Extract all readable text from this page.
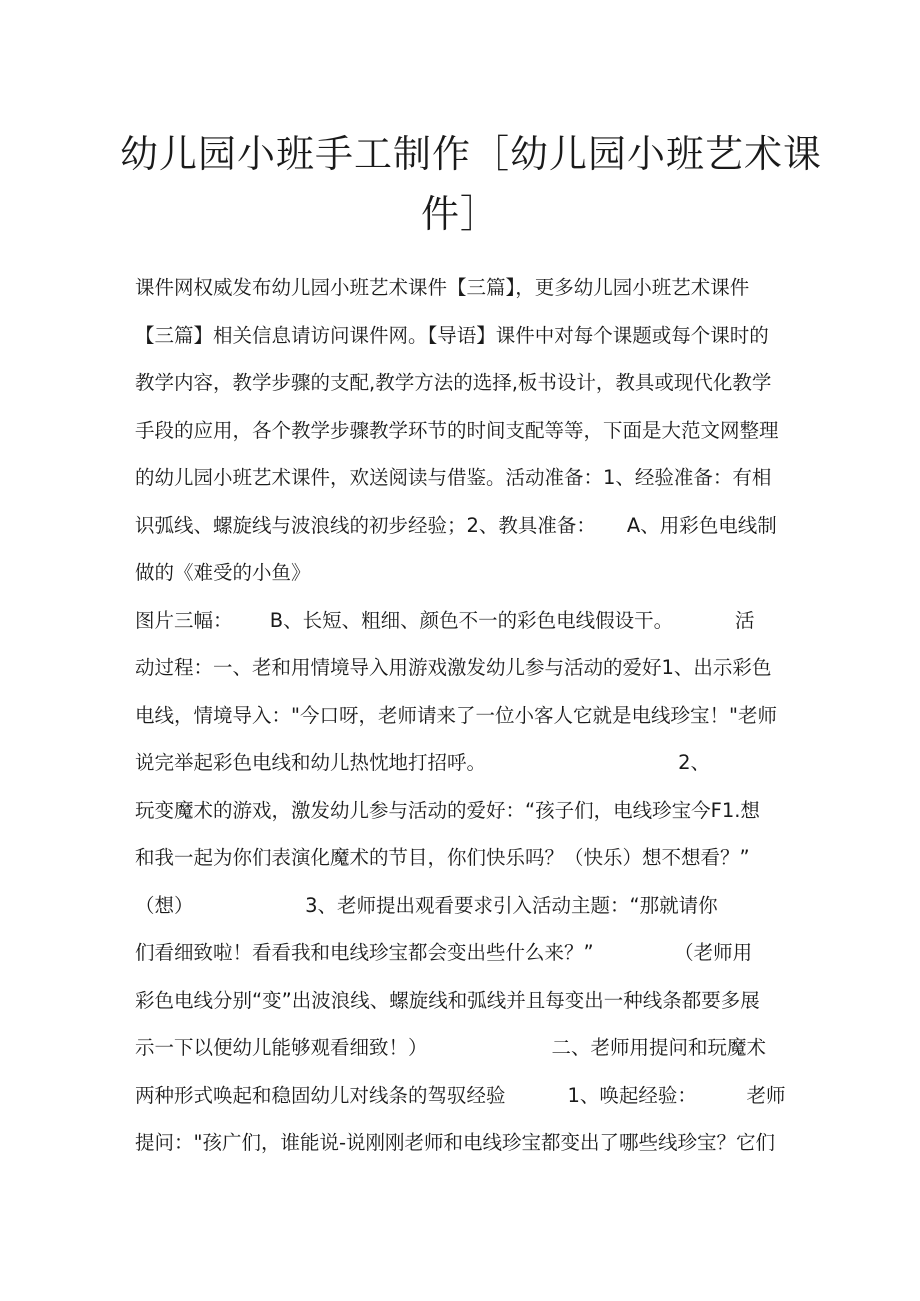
幼儿园小班手工制作［幼儿园小班艺术课
件］
课件网权威发布幼儿园小班艺术课件【三篇】，更多幼儿园小班艺术课件
【三篇】相关信息请访问课件网。【导语】课件中对每个课题或每个课时的
教学内容，教学步骤的支配,教学方法的选择,板书设计，教具或现代化教学
手段的应用，各个教学步骤教学环节的时间支配等等，下面是大范文网整理
的幼儿园小班艺术课件，欢送阅读与借鉴。活动准备：1、经验准备：有相
识弧线、螺旋线与波浪线的初步经验；2、教具准备：     A、用彩色电线制
做的《难受的小鱼》
图片三幅：      B、长短、粗细、颜色不一的彩色电线假设干。          活
动过程：一、老和用情境导入用游戏激发幼儿参与活动的爱好1、出示彩色
电线，情境导入："今口呀，老师请来了一位小客人它就是电线珍宝！"老师
说完举起彩色电线和幼儿热忱地打招呼。                               2、
玩变魔术的游戏，激发幼儿参与活动的爱好：“孩子们，电线珍宝今F1.想
和我一起为你们表演化魔术的节目，你们快乐吗？（快乐）想不想看？”
（想）                  3、老师提出观看要求引入活动主题：“那就请你
们看细致啦！看看我和电线珍宝都会变出些什么来？”             （老师用
彩色电线分别“变”出波浪线、螺旋线和弧线并且每变出一种线条都要多展
示一下以便幼儿能够观看细致！）                    二、老师用提问和玩魔术
两种形式唤起和稳固幼儿对线条的驾驭经验          1、唤起经验：        老师
提问："孩广们，谁能说-说刚刚老师和电线珍宝都变出了哪些线珍宝？它们
